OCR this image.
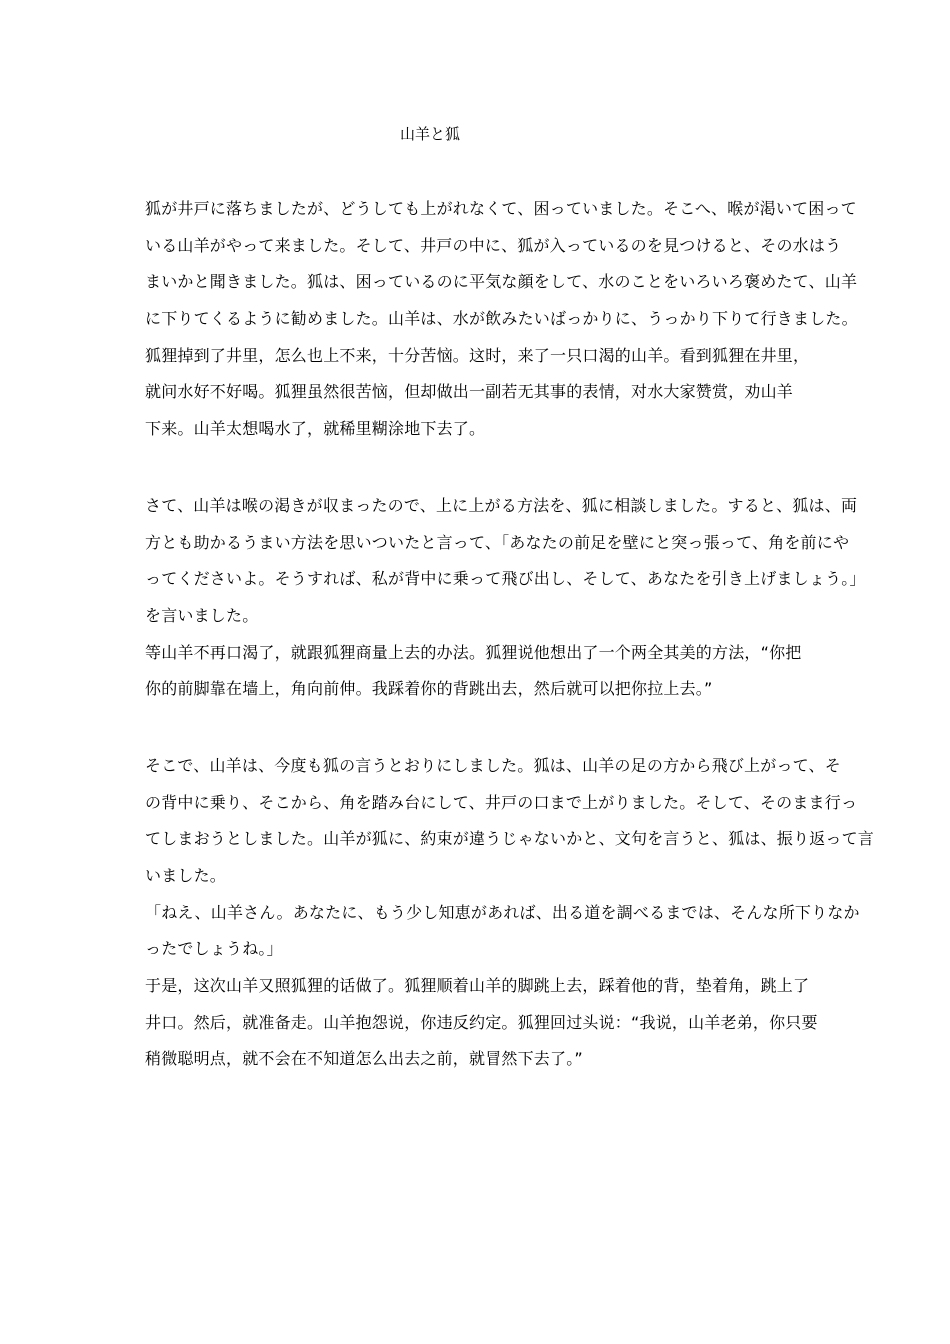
山羊と狐
狐が井戸に落ちましたが、どうしても上がれなくて、困っていました。そこへ、喉が渇いて困って
いる山羊がやって来ました。そして、井戸の中に、狐が入っているのを見つけると、その水はう
まいかと聞きました。狐は、困っているのに平気な顔をして、水のことをいろいろ褒めたて、山羊
に下りてくるように勧めました。山羊は、水が飲みたいばっかりに、うっかり下りて行きました。
狐狸掉到了井里，怎么也上不来，十分苦恼。这时，来了一只口渴的山羊。看到狐狸在井里，
就问水好不好喝。狐狸虽然很苦恼，但却做出一副若无其事的表情，对水大家赞赏，劝山羊
下来。山羊太想喝水了，就稀里糊涂地下去了。
さて、山羊は喉の渇きが収まったので、上に上がる方法を、狐に相談しました。すると、狐は、両
方とも助かるうまい方法を思いついたと言って、「あなたの前足を壁にと突っ張って、角を前にや
ってくださいよ。そうすれば、私が背中に乗って飛び出し、そして、あなたを引き上げましょう。」
を言いました。
等山羊不再口渴了，就跟狐狸商量上去的办法。狐狸说他想出了一个两全其美的方法，“你把
你的前脚靠在墙上，角向前伸。我踩着你的背跳出去，然后就可以把你拉上去。”
そこで、山羊は、今度も狐の言うとおりにしました。狐は、山羊の足の方から飛び上がって、そ
の背中に乗り、そこから、角を踏み台にして、井戸の口まで上がりました。そして、そのまま行っ
てしまおうとしました。山羊が狐に、約束が違うじゃないかと、文句を言うと、狐は、振り返って言
いました。
「ねえ、山羊さん。あなたに、もう少し知恵があれば、出る道を調べるまでは、そんな所下りなか
ったでしょうね。」
于是，这次山羊又照狐狸的话做了。狐狸顺着山羊的脚跳上去，踩着他的背，垫着角，跳上了
井口。然后，就准备走。山羊抱怨说，你违反约定。狐狸回过头说：“我说，山羊老弟，你只要
稍微聪明点，就不会在不知道怎么出去之前，就冒然下去了。”
